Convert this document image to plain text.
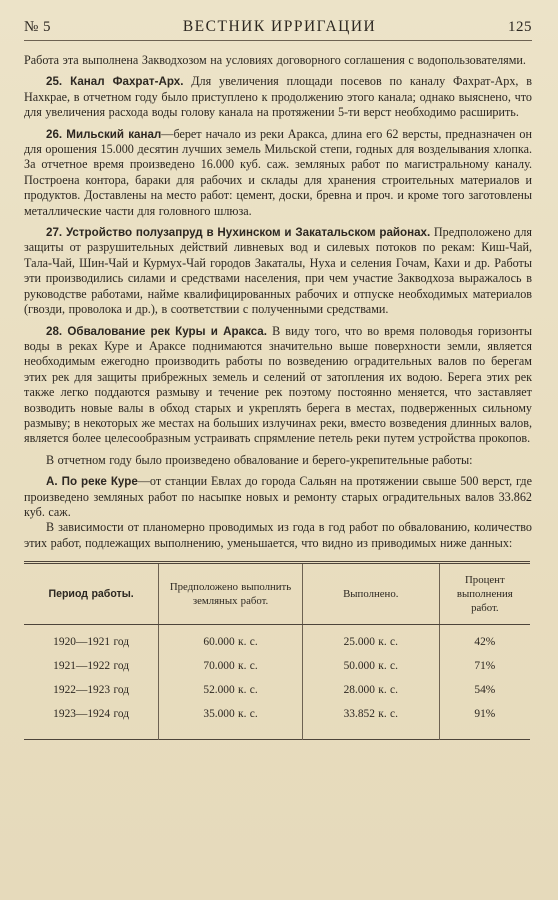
№ 5	ВЕСТНИК ИРРИГАЦИИ	125

Работа эта выполнена Закводхозом на условиях договорного соглашения с водопользователями.

25. Канал Фахрат-Арх. Для увеличения площади посевов по каналу Фахрат-Арх, в Нахкрае, в отчетном году было приступлено к продолжению этого канала; однако выяснено, что для увеличения расхода воды голову канала на протяжении 5-ти верст необходимо расширить.

26. Мильский канал—берет начало из реки Аракса, длина его 62 версты, предназначен он для орошения 15.000 десятин лучших земель Мильской степи, годных для возделывания хлопка. За отчетное время произведено 16.000 куб. саж. земляных работ по магистральному каналу. Построена контора, бараки для рабочих и склады для хранения строительных материалов и продуктов. Доставлены на место работ: цемент, доски, бревна и проч. и кроме того заготовлены металлические части для головного шлюза.

27. Устройство полузапруд в Нухинском и Закатальском районах. Предположено для защиты от разрушительных действий ливневых вод и силевых потоков по рекам: Киш-Чай, Тала-Чай, Шин-Чай и Курмух-Чай городов Закаталы, Нуха и селения Гочам, Кахи и др. Работы эти производились силами и средствами населения, при чем участие Закводхоза выражалось в руководстве работами, найме квалифицированных рабочих и отпуске необходимых материалов (гвозди, проволока и др.), в соответствии с полученными средствами.

28. Обвалование рек Куры и Аракса. В виду того, что во время половодья горизонты воды в реках Куре и Араксе поднимаются значительно выше поверхности земли, является необходимым ежегодно производить работы по возведению оградительных валов по берегам этих рек для защиты прибрежных земель и селений от затопления их водою. Берега этих рек также легко поддаются размыву и течение рек поэтому постоянно меняется, что заставляет возводить новые валы в обход старых и укреплять берега в местах, подверженных сильному размыву; в некоторых же местах на больших излучинах реки, вместо возведения длинных валов, является более целесообразным устраивать спрямление петель реки путем устройства прокопов.

В отчетном году было произведено обвалование и берего-укрепительные работы:

А. По реке Куре—от станции Евлах до города Сальян на протяжении свыше 500 верст, где произведено земляных работ по насыпке новых и ремонту старых оградительных валов 33.862 куб. саж.

В зависимости от планомерно проводимых из года в год работ по обвалованию, количество этих работ, подлежащих выполнению, уменьшается, что видно из приводимых ниже данных:

Период работы.	Предположено выполнить земляных работ.	Выполнено.	Процент выполнения работ.
1920—1921 год	60.000 к. с.	25.000 к. с.	42%
1921—1922 год	70.000 к. с.	50.000 к. с.	71%
1922—1923 год	52.000 к. с.	28.000 к. с.	54%
1923—1924 год	35.000 к. с.	33.852 к. с.	91%
